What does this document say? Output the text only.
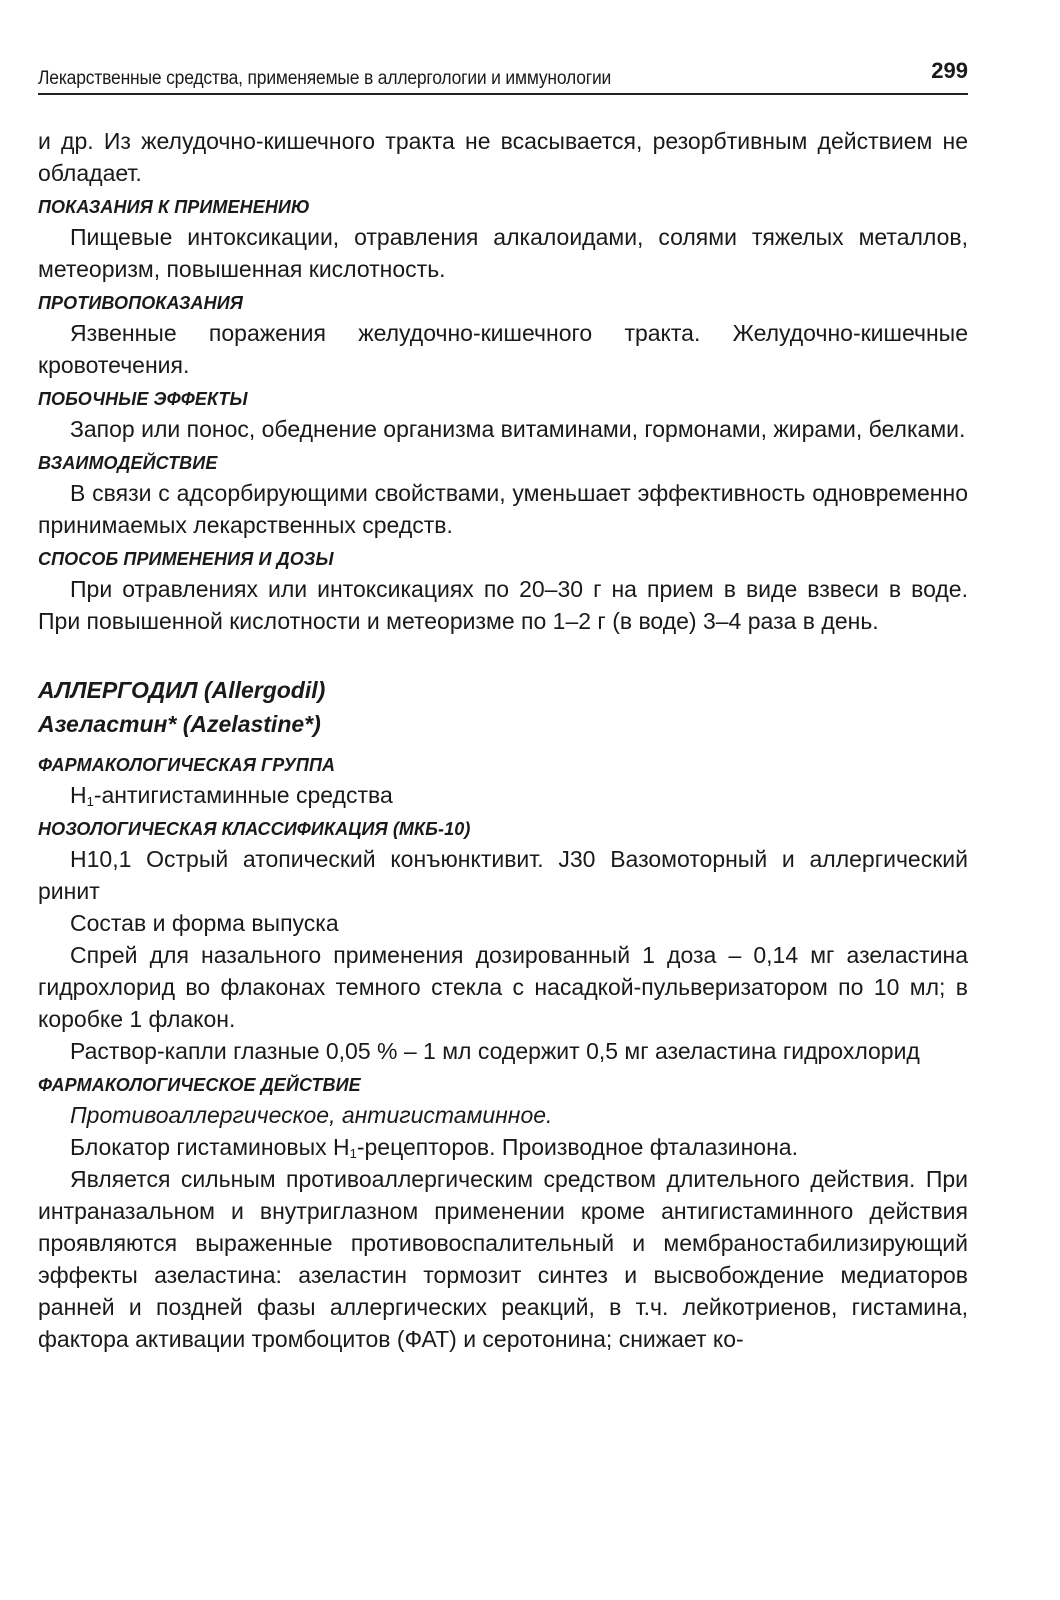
Лекарственные средства, применяемые в аллергологии и иммунологии	299

и др. Из желудочно-кишечного тракта не всасывается, резорбтивным действием не обладает.

ПОКАЗАНИЯ К ПРИМЕНЕНИЮ

Пищевые интоксикации, отравления алкалоидами, солями тяжелых металлов, метеоризм, повышенная кислотность.

ПРОТИВОПОКАЗАНИЯ

Язвенные поражения желудочно-кишечного тракта. Желудочно-кишечные кровотечения.

ПОБОЧНЫЕ ЭФФЕКТЫ

Запор или понос, обеднение организма витаминами, гормонами, жирами, белками.

ВЗАИМОДЕЙСТВИЕ

В связи с адсорбирующими свойствами, уменьшает эффективность одновременно принимаемых лекарственных средств.

СПОСОБ ПРИМЕНЕНИЯ И ДОЗЫ

При отравлениях или интоксикациях по 20–30 г на прием в виде взвеси в воде. При повышенной кислотности и метеоризме по 1–2 г (в воде) 3–4 раза в день.

АЛЛЕРГОДИЛ (Allergodil)
Азеластин* (Azelastine*)
ФАРМАКОЛОГИЧЕСКАЯ ГРУППА

$H_1$-антигистаминные средства

НОЗОЛОГИЧЕСКАЯ КЛАССИФИКАЦИЯ (МКБ-10)

H10,1 Острый атопический конъюнктивит. J30 Вазомоторный и аллергический ринит

Состав и форма выпуска

Спрей для назального применения дозированный 1 доза – 0,14 мг азеластина гидрохлорид во флаконах темного стекла с насадкой-пульверизатором по 10 мл; в коробке 1 флакон.

Раствор-капли глазные 0,05 % – 1 мл содержит 0,5 мг азеластина гидрохлорид

ФАРМАКОЛОГИЧЕСКОЕ ДЕЙСТВИЕ

Противоаллергическое, антигистаминное.

Блокатор гистаминовых $H_1$-рецепторов. Производное фталазинона.

Является сильным противоаллергическим средством длительного действия. При интраназальном и внутриглазном применении кроме антигистаминного действия проявляются выраженные противовоспалительный и мембраностабилизирующий эффекты азеластина: азеластин тормозит синтез и высвобождение медиаторов ранней и поздней фазы аллергических реакций, в т.ч. лейкотриенов, гистамина, фактора активации тромбоцитов (ФАТ) и серотонина; снижает ко-
